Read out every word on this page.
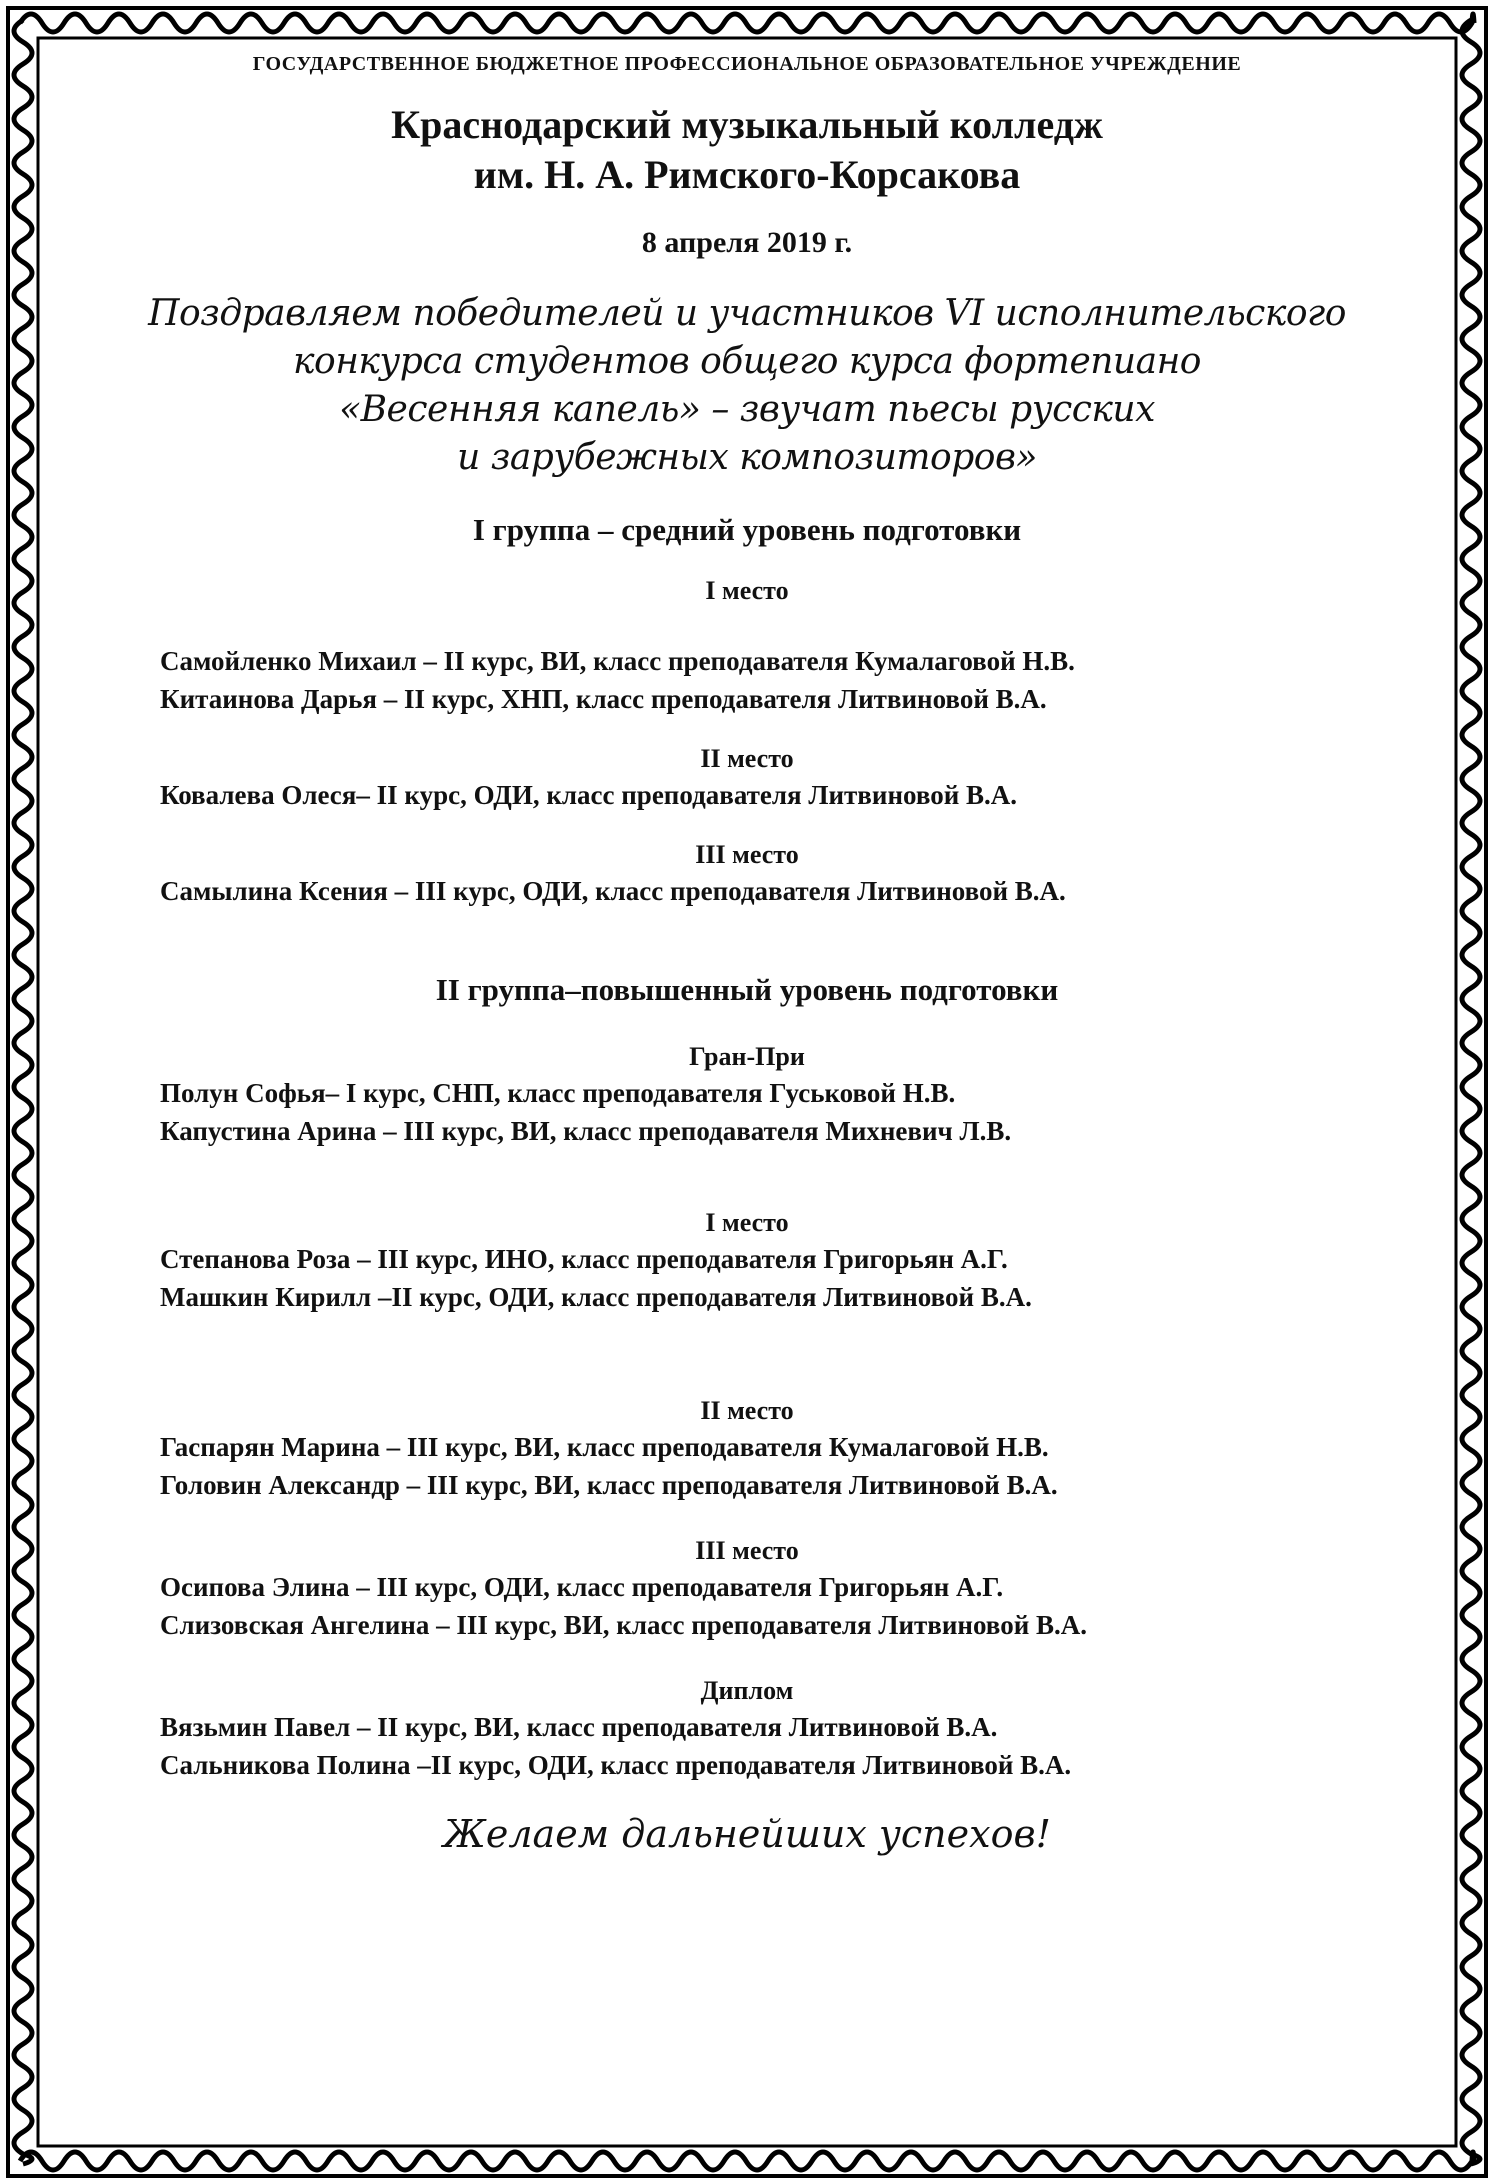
ГОСУДАРСТВЕННОЕ БЮДЖЕТНОЕ ПРОФЕССИОНАЛЬНОЕ ОБРАЗОВАТЕЛЬНОЕ УЧРЕЖДЕНИЕ
Краснодарский музыкальный колледж
им. Н. А. Римского-Корсакова
8 апреля 2019 г.
Поздравляем победителей и участников VI исполнительского
конкурса студентов общего курса фортепиано
«Весенняя капель» – звучат пьесы русских
и зарубежных композиторов»
I группа – средний уровень подготовки
I место
Самойленко Михаил – II курс, ВИ, класс преподавателя Кумалаговой Н.В.
Китаинова Дарья – II курс, ХНП, класс преподавателя Литвиновой В.А.
II место
Ковалева Олеся– II курс, ОДИ, класс преподавателя Литвиновой В.А.
III место
Самылина Ксения – III курс, ОДИ, класс преподавателя Литвиновой В.А.
II группа–повышенный уровень подготовки
Гран-При
Полун Софья– I курс, СНП, класс преподавателя Гуськовой Н.В.
Капустина Арина – III курс, ВИ, класс преподавателя Михневич Л.В.
I место
Степанова Роза – III курс, ИНО, класс преподавателя Григорьян А.Г.
Машкин Кирилл –II курс, ОДИ, класс преподавателя Литвиновой В.А.
II место
Гаспарян Марина – III курс, ВИ, класс преподавателя Кумалаговой Н.В.
Головин Александр – III курс, ВИ, класс преподавателя Литвиновой В.А.
III место
Осипова Элина – III курс, ОДИ, класс преподавателя Григорьян А.Г.
Слизовская Ангелина – III курс, ВИ, класс преподавателя Литвиновой В.А.
Диплом
Вязьмин Павел – II курс, ВИ, класс преподавателя Литвиновой В.А.
Сальникова Полина –II курс, ОДИ, класс преподавателя Литвиновой В.А.
Желаем дальнейших успехов!
